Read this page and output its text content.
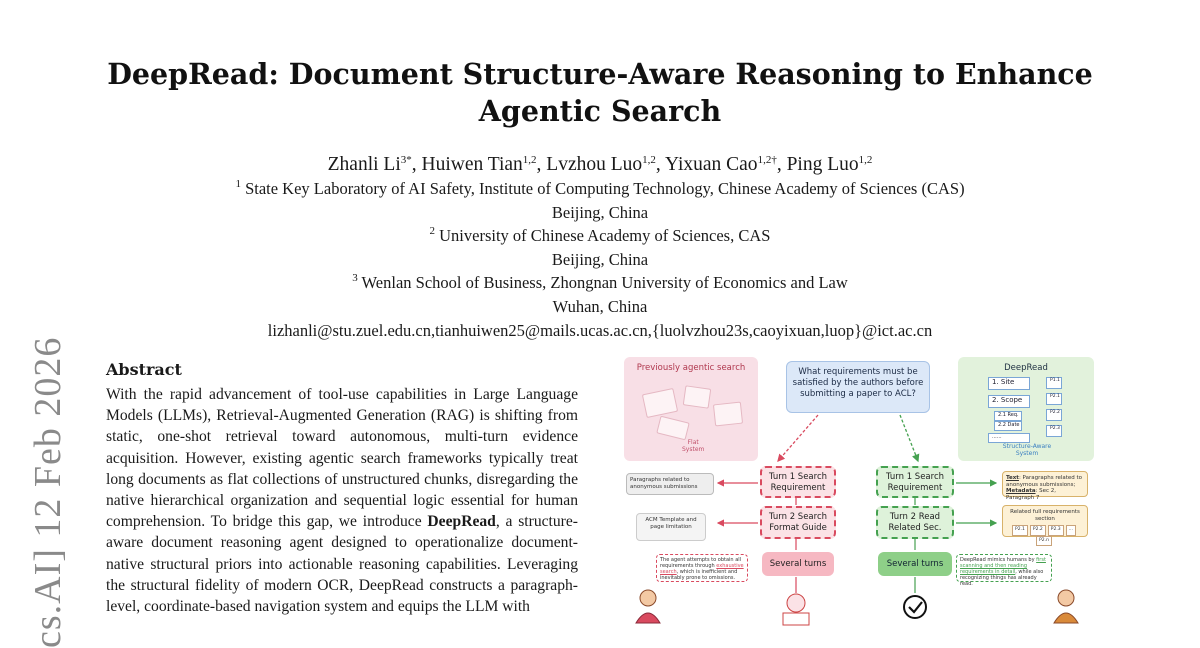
cs.AI] 12 Feb 2026
DeepRead: Document Structure-Aware Reasoning to Enhance Agentic Search
Zhanli $Li^{3*}$, Huiwen Tian$^{1,2}$, Lvzhou Luo$^{1,2}$, Yixuan Cao$^{1,2\dagger}$, Ping Luo$^{1,2}$
$^1$ State Key Laboratory of AI Safety, Institute of Computing Technology, Chinese Academy of Sciences (CAS)
Beijing, China
$^2$ University of Chinese Academy of Sciences, CAS
Beijing, China
$^3$ Wenlan School of Business, Zhongnan University of Economics and Law
Wuhan, China
lizhanli@stu.zuel.edu.cn,tianhuiwen25@mails.ucas.ac.cn,{luolvzhou23s,caoyixuan,luop}@ict.ac.cn
Abstract

With the rapid advancement of tool-use capabilities in Large Language Models (LLMs), Retrieval-Augmented Generation (RAG) is shifting from static, one-shot retrieval toward autonomous, multi-turn evidence acquisition. However, existing agentic search frameworks typically treat long documents as flat collections of unstructured chunks, disregarding the native hierarchical organization and sequential logic essential for human comprehension. To bridge this gap, we introduce DeepRead, a structure-aware document reasoning agent designed to operationalize document-native structural priors into actionable reasoning capabilities. Leveraging the structural fidelity of modern OCR, DeepRead constructs a paragraph-level, coordinate-based navigation system and equips the LLM with

Previously agentic search
Flat
System
What requirements must be satisfied by the authors before submitting a paper to ACL?
DeepRead
1. Site
2. Scope
2.1 Req.
2.2 Date
......
P1.1
P2.1
P2.2
P2.3
Structure-Aware
System
Paragraphs related to anonymous submissions
ACM Template and page limitation
Turn 1 Search
Requirement
Turn 2 Search
Format Guide
Several turns
The agent attempts to obtain all requirements through exhaustive search, which is inefficient and inevitably prone to omissions.
Turn 1 Search
Requirement
Turn 2 Read
Related Sec.
Several turns
Text: Paragraphs related to anonymous submissions;
Metadata: Sec 2, Paragraph 7
Related full requirements section
P2.1 P2.2 P2.3 ...P2.n
DeepRead mimics humans by first scanning and then reading requirements in detail, while also recognizing things has already read.
